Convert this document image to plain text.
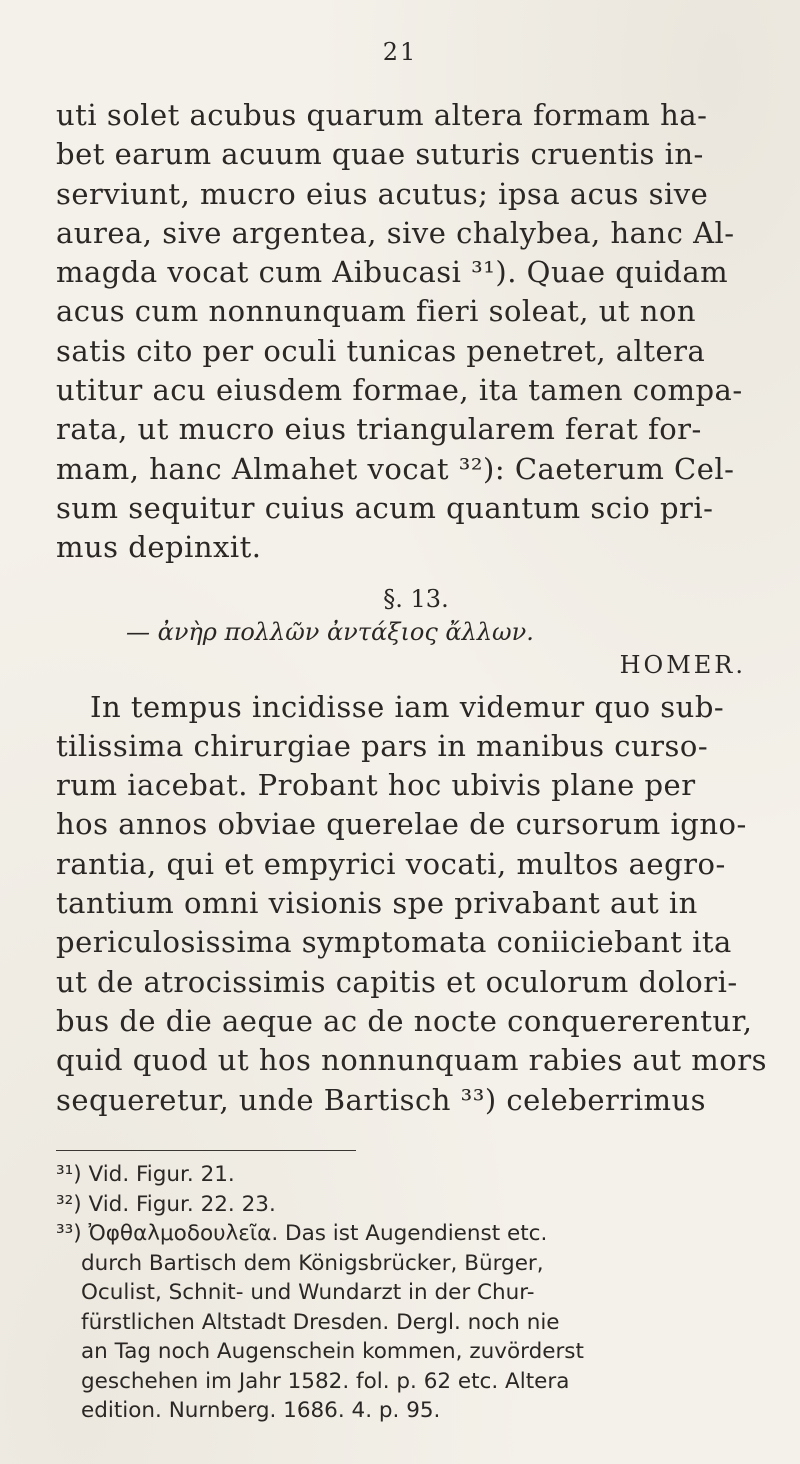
21
uti solet acubus quarum altera formam ha-
bet earum acuum quae suturis cruentis in-
serviunt, mucro eius acutus; ipsa acus sive
aurea, sive argentea, sive chalybea, hanc Al-
magda vocat cum Aibucasi ³¹). Quae quidam
acus cum nonnunquam fieri soleat, ut non
satis cito per oculi tunicas penetret, altera
utitur acu eiusdem formae, ita tamen compa-
rata, ut mucro eius triangularem ferat for-
mam, hanc Almahet vocat ³²): Caeterum Cel-
sum sequitur cuius acum quantum scio pri-
mus depinxit.
§. 13.
— ἀνὴρ πολλῶν ἀντάξιος ἄλλων.
HOMER.
In tempus incidisse iam videmur quo sub-
tilissima chirurgiae pars in manibus curso-
rum iacebat. Probant hoc ubivis plane per
hos annos obviae querelae de cursorum igno-
rantia, qui et empyrici vocati, multos aegro-
tantium omni visionis spe privabant aut in
periculosissima symptomata coniiciebant ita
ut de atrocissimis capitis et oculorum dolori-
bus de die aeque ac de nocte conquererentur,
quid quod ut hos nonnunquam rabies aut mors
sequeretur, unde Bartisch ³³) celeberrimus
³¹) Vid. Figur. 21.
³²) Vid. Figur. 22. 23.
³³) Ὀφθαλμοδουλεῖα. Das ist Augendienst etc.
durch Bartisch dem Königsbrücker, Bürger,
Oculist, Schnit- und Wundarzt in der Chur-
fürstlichen Altstadt Dresden. Dergl. noch nie
an Tag noch Augenschein kommen, zuvörderst
geschehen im Jahr 1582. fol. p. 62 etc. Altera
edition. Nurnberg. 1686. 4. p. 95.
